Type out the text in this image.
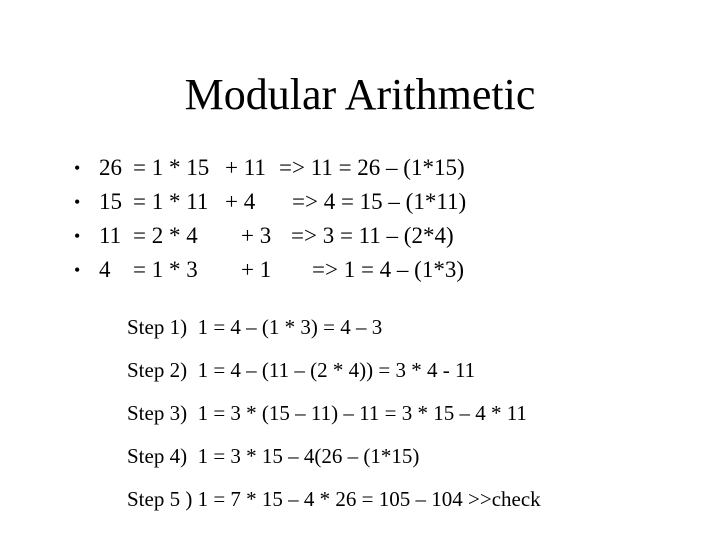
Modular Arithmetic

•

26

= 1 * 15

+ 11

=> 11 = 26 – (1*15)

•

15

= 1 * 11

+ 4

=> 4 = 15 – (1*11)

•

11

= 2 * 4

+ 3

=> 3 = 11 – (2*4)

•

4

= 1 * 3

+ 1

=> 1 = 4 – (1*3)

Step 1)  1 = 4 – (1 * 3) = 4 – 3
Step 2)  1 = 4 – (11 – (2 * 4)) = 3 * 4 - 11
Step 3)  1 = 3 * (15 – 11) – 11 = 3 * 15 – 4 * 11
Step 4)  1 = 3 * 15 – 4(26 – (1*15)
Step 5 ) 1 = 7 * 15 – 4 * 26 = 105 – 104 >>check
